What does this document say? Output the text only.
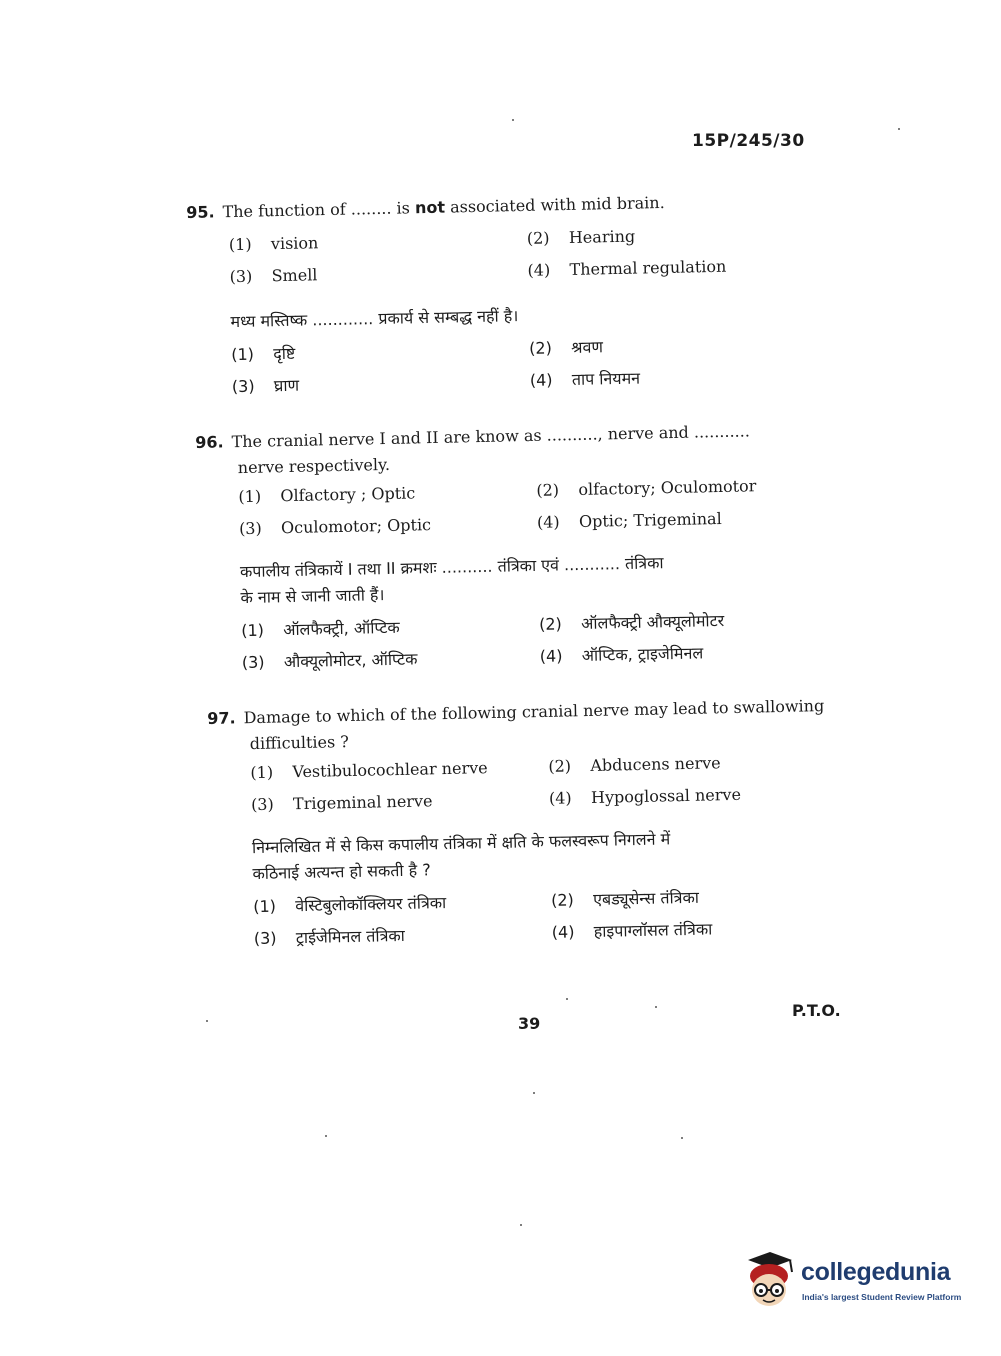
15P/245/30
95. The function of ........ is not associated with mid brain.
(1) vision	(2) Hearing
(3) Smell	(4) Thermal regulation
मध्य मस्तिष्क ............ प्रकार्य से सम्बद्ध नहीं है।
(1) दृष्टि	(2) श्रवण
(3) घ्राण	(4) ताप नियमन
96. The cranial nerve I and II are know as .........., nerve and ...........
nerve respectively.
(1) Olfactory ; Optic	(2) olfactory; Oculomotor
(3) Oculomotor; Optic	(4) Optic; Trigeminal
कपालीय तंत्रिकायें I तथा II क्रमशः .......... तंत्रिका एवं ........... तंत्रिका
के नाम से जानी जाती हैं।
(1) ऑलफैक्ट्री, ऑप्टिक	(2) ऑलफैक्ट्री औक्यूलोमोटर
(3) औक्यूलोमोटर, ऑप्टिक	(4) ऑप्टिक, ट्राइजेमिनल
97. Damage to which of the following cranial nerve may lead to swallowing
difficulties ?
(1) Vestibulocochlear nerve	(2) Abducens nerve
(3) Trigeminal nerve	(4) Hypoglossal nerve
निम्नलिखित में से किस कपालीय तंत्रिका में क्षति के फलस्वरूप निगलने में
कठिनाई अत्यन्त हो सकती है ?
(1) वेस्टिबुलोकॉक्लियर तंत्रिका	(2) एबड्यूसेन्स तंत्रिका
(3) ट्राईजेमिनल तंत्रिका	(4) हाइपाग्लॉसल तंत्रिका
39
P.T.O.
collegedunia
India's largest Student Review Platform
